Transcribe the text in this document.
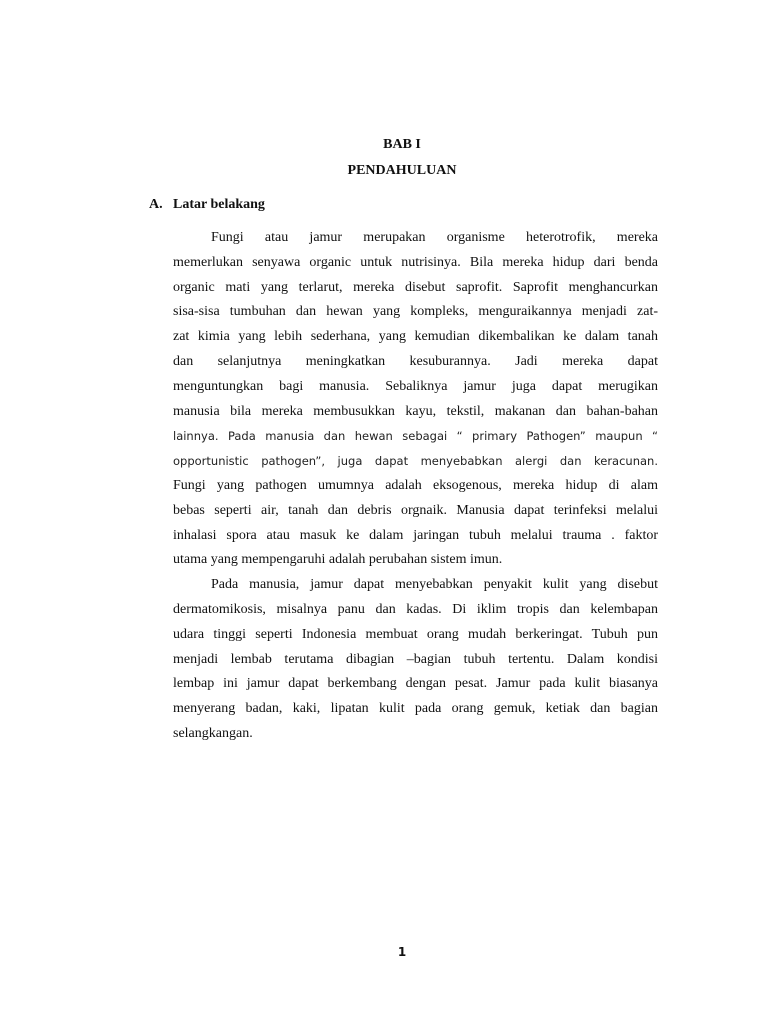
BAB I
PENDAHULUAN
A. Latar belakang
Fungi atau jamur merupakan organisme heterotrofik, mereka
memerlukan senyawa organic untuk nutrisinya. Bila mereka hidup dari benda
organic mati yang terlarut, mereka disebut saprofit. Saprofit menghancurkan
sisa-sisa tumbuhan dan hewan yang kompleks, menguraikannya menjadi zat-
zat kimia yang lebih sederhana, yang kemudian dikembalikan ke dalam tanah
dan selanjutnya meningkatkan kesuburannya. Jadi mereka dapat
menguntungkan bagi manusia. Sebaliknya jamur juga dapat merugikan
manusia bila mereka membusukkan kayu, tekstil, makanan dan bahan-bahan
lainnya. Pada manusia dan hewan sebagai “ primary Pathogen” maupun “
opportunistic pathogen”, juga dapat menyebabkan alergi dan keracunan.
Fungi yang pathogen umumnya adalah eksogenous, mereka hidup di alam
bebas seperti air, tanah dan debris orgnaik. Manusia dapat terinfeksi melalui
inhalasi spora atau masuk ke dalam jaringan tubuh melalui trauma . faktor
utama yang mempengaruhi adalah perubahan sistem imun.
Pada manusia, jamur dapat menyebabkan penyakit kulit yang disebut
dermatomikosis, misalnya panu dan kadas. Di iklim tropis dan kelembapan
udara tinggi seperti Indonesia membuat orang mudah berkeringat. Tubuh pun
menjadi lembab terutama dibagian –bagian tubuh tertentu. Dalam kondisi
lembap ini jamur dapat berkembang dengan pesat. Jamur pada kulit biasanya
menyerang badan, kaki, lipatan kulit pada orang gemuk, ketiak dan bagian
selangkangan.
1
